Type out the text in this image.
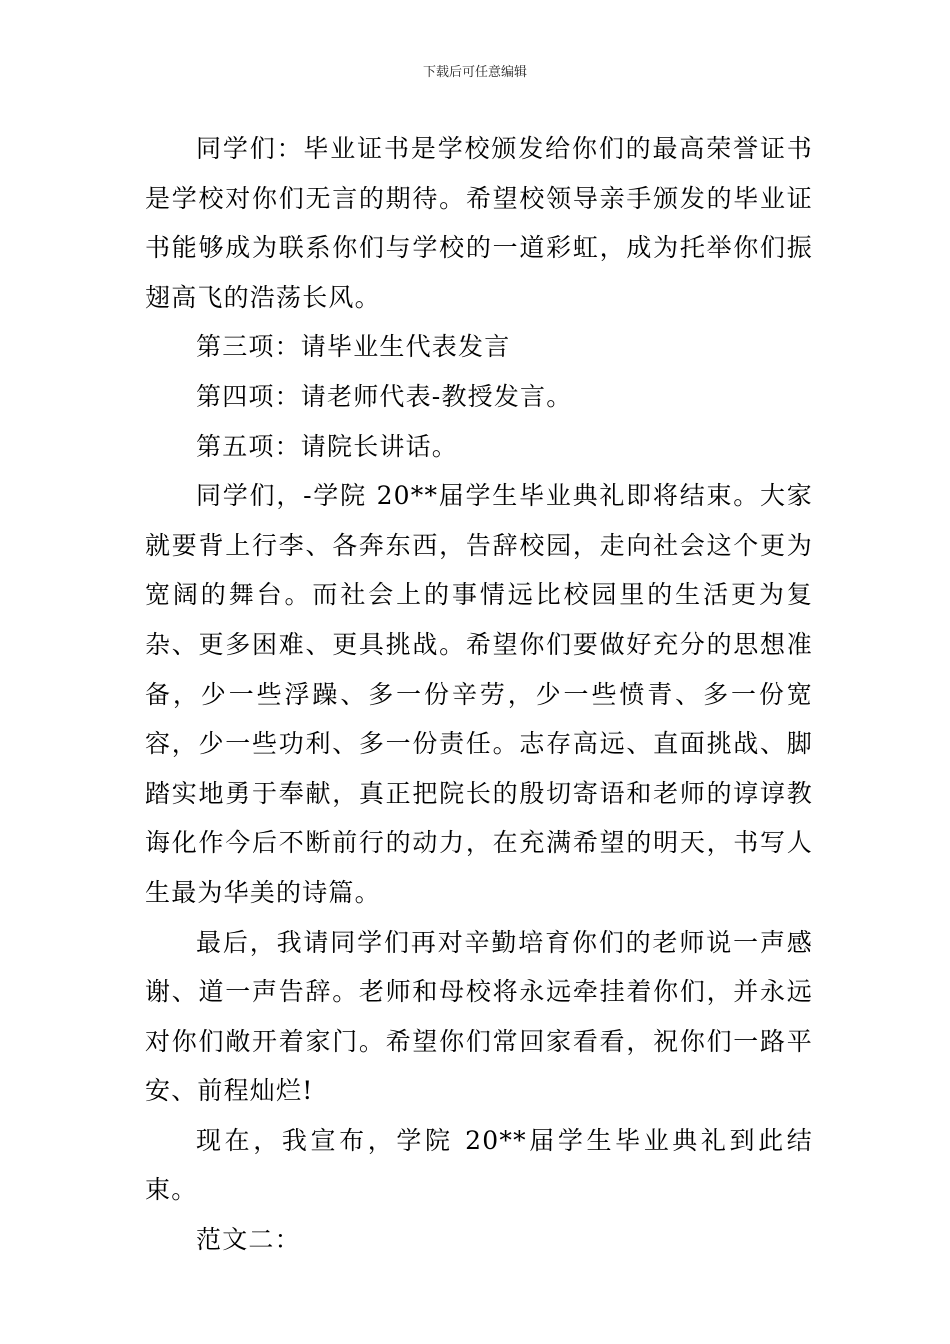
下载后可任意编辑

同学们：毕业证书是学校颁发给你们的最高荣誉证书是学校对你们无言的期待。希望校领导亲手颁发的毕业证书能够成为联系你们与学校的一道彩虹，成为托举你们振翅高飞的浩荡长风。

第三项：请毕业生代表发言

第四项：请老师代表-教授发言。

第五项：请院长讲话。

同学们，-学院 20**届学生毕业典礼即将结束。大家就要背上行李、各奔东西，告辞校园，走向社会这个更为宽阔的舞台。而社会上的事情远比校园里的生活更为复杂、更多困难、更具挑战。希望你们要做好充分的思想准备，少一些浮躁、多一份辛劳，少一些愤青、多一份宽容，少一些功利、多一份责任。志存高远、直面挑战、脚踏实地勇于奉献，真正把院长的殷切寄语和老师的谆谆教诲化作今后不断前行的动力，在充满希望的明天，书写人生最为华美的诗篇。

最后，我请同学们再对辛勤培育你们的老师说一声感谢、道一声告辞。老师和母校将永远牵挂着你们，并永远对你们敞开着家门。希望你们常回家看看，祝你们一路平安、前程灿烂!

现在，我宣布，学院 20**届学生毕业典礼到此结束。

范文二：
